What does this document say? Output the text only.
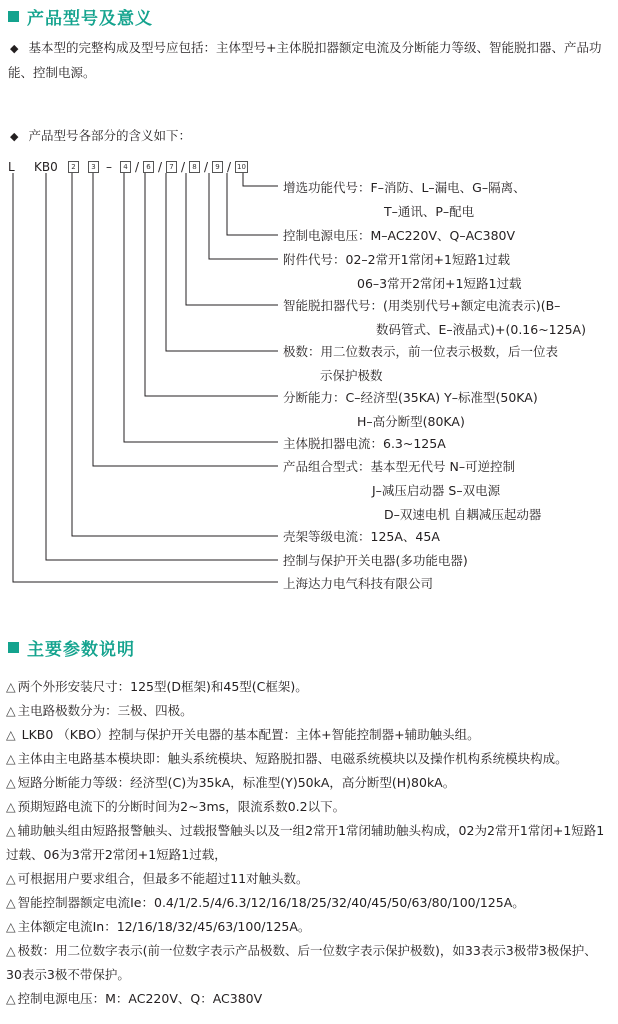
产品型号及意义
◆ 基本型的完整构成及型号应包括：主体型号+主体脱扣器额定电流及分断能力等级、智能脱扣器、产品功能、控制电源。
◆ 产品型号各部分的含义如下：
L KB0	2	3 –	4 /	6 /	7 /	8 /	9 / 10
增选功能代号：F–消防、L–漏电、G–隔离、
T–通讯、P–配电
控制电源电压：M–AC220V、Q–AC380V
附件代号：02–2常开1常闭+1短路1过载
06–3常开2常闭+1短路1过载
智能脱扣器代号：(用类别代号+额定电流表示)(B–
数码管式、E–液晶式)+(0.16~125A)
极数：用二位数表示，前一位表示极数，后一位表
示保护极数
分断能力：C–经济型(35KA) Y–标准型(50KA)
H–高分断型(80KA)
主体脱扣器电流：6.3~125A
产品组合型式：基本型无代号 N–可逆控制
J–减压启动器 S–双电源
D–双速电机 自耦减压起动器
壳架等级电流：125A、45A
控制与保护开关电器(多功能电器)
上海达力电气科技有限公司
主要参数说明

△ 两个外形安装尺寸：125型(D框架)和45型(C框架)。

△ 主电路极数分为：三极、四极。

△ LKB0 （KBO）控制与保护开关电器的基本配置：主体+智能控制器+辅助触头组。

△ 主体由主电路基本模块即：触头系统模块、短路脱扣器、电磁系统模块以及操作机构系统模块构成。

△ 短路分断能力等级：经济型(C)为35kA，标准型(Y)50kA，高分断型(H)80kA。

△ 预期短路电流下的分断时间为2~3ms，限流系数0.2以下。

△ 辅助触头组由短路报警触头、过载报警触头以及一组2常开1常闭辅助触头构成，02为2常开1常闭+1短路1过载、06为3常开2常闭+1短路1过载，

△ 可根据用户要求组合，但最多不能超过11对触头数。

△ 智能控制器额定电流Ie：0.4/1/2.5/4/6.3/12/16/18/25/32/40/45/50/63/80/100/125A。

△ 主体额定电流In：12/16/18/32/45/63/100/125A。

△ 极数：用二位数字表示(前一位数字表示产品极数、后一位数字表示保护极数)，如33表示3极带3极保护、30表示3极不带保护。

△ 控制电源电压：M：AC220V、Q：AC380V
